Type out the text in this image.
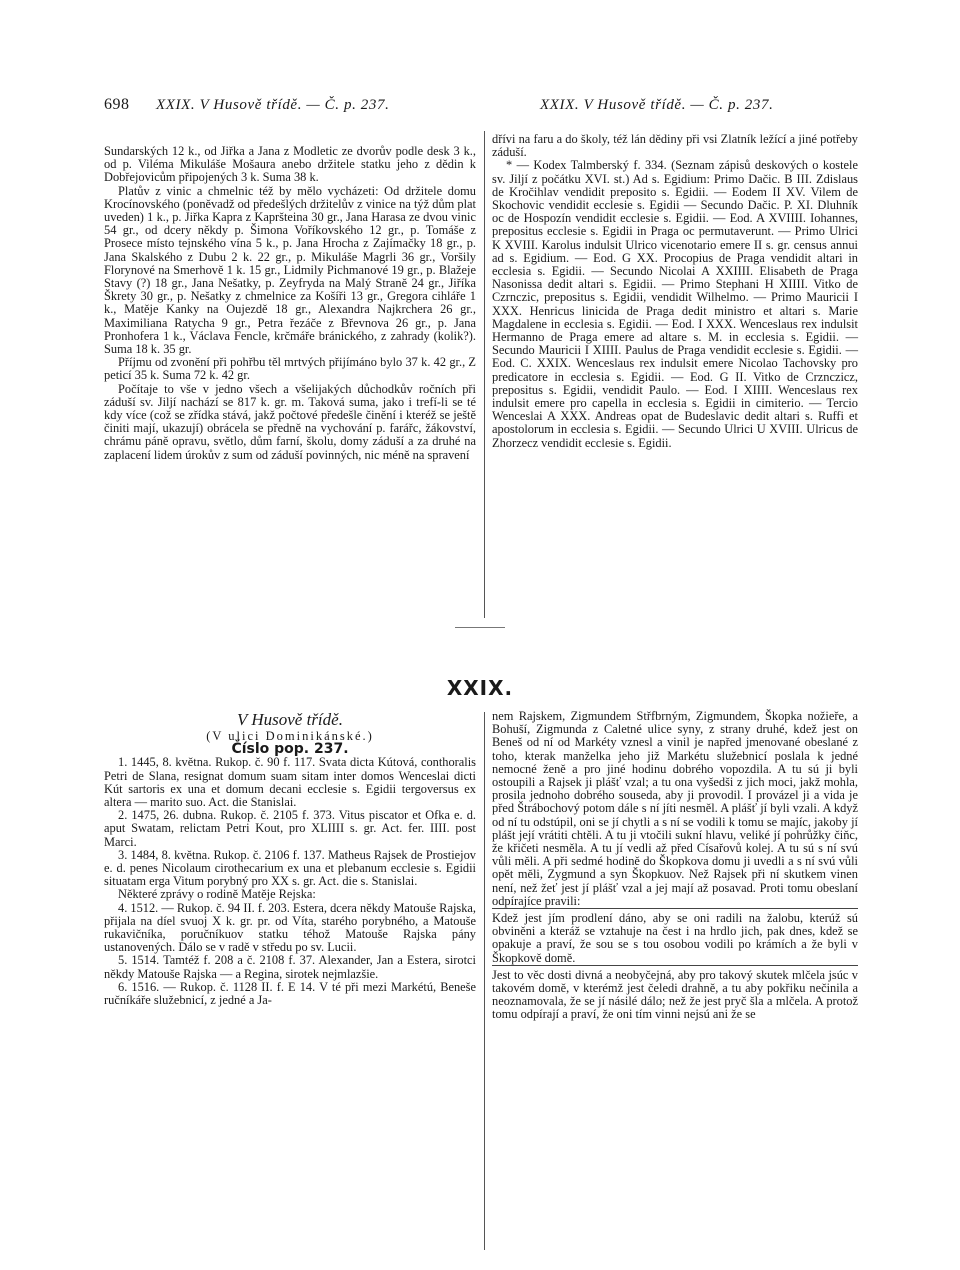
698 XXIX. V Husově třídě. — Č. p. 237.	XXIX. V Husově třídě. — Č. p. 237.

Sundarských 12 k., od Jiřka a Jana z Modletic ze dvorův podle desk 3 k., od p. Viléma Mikuláše Mošaura anebo držitele statku jeho z dědin k Dobřejovicům připojených 3 k. Suma 38 k.

Platův z vinic a chmelnic též by mělo vycházeti: Od držitele domu Krocínovského (poněvadž od předešlých držitelův z vinice na týž dům plat uveden) 1 k., p. Jiřka Kapra z Kapršteina 30 gr., Jana Harasa ze dvou vinic 54 gr., od dcery někdy p. Šimona Voříkovského 12 gr., p. Tomáše z Prosece místo tejnského vína 5 k., p. Jana Hrocha z Zajímačky 18 gr., p. Jana Skalského z Dubu 2 k. 22 gr., p. Mikuláše Magrli 36 gr., Voršily Florynové na Smerhově 1 k. 15 gr., Lidmily Pichmanové 19 gr., p. Blažeje Stavy (?) 18 gr., Jana Nešatky, p. Zeyfryda na Malý Straně 24 gr., Jiříka Škrety 30 gr., p. Nešatky z chmelnice za Košíři 13 gr., Gregora cihláře 1 k., Matěje Kanky na Oujezdě 18 gr., Alexandra Najkrchera 26 gr., Maximiliana Ratycha 9 gr., Petra řezáče z Břevnova 26 gr., p. Jana Pronhofera 1 k., Václava Fencle, krčmáře bránického, z zahrady (kolik?). Suma 18 k. 35 gr.

Příjmu od zvonění při pohřbu těl mrtvých přijímáno bylo 37 k. 42 gr., Z peticí 35 k. Suma 72 k. 42 gr.

Počítaje to vše v jedno všech a všelijakých důchodkův ročních při záduší sv. Jiljí nachází se 817 k. gr. m. Taková suma, jako i trefí-li se té kdy více (což se zřídka stává, jakž počtové předešle činění i kteréž se ještě činiti mají, ukazují) obrácela se předně na vychování p. farářc, žákovství, chrámu páně opravu, světlo, dům farní, školu, domy záduší a za druhé na zaplacení lidem úrokův z sum od záduší povinných, nic méně na spravení

dřívi na faru a do školy, též lán dědiny při vsi Zlatník ležící a jiné potřeby záduší.

* — Kodex Talmberský f. 334. (Seznam zápisů deskových o kostele sv. Jiljí z počátku XVI. st.) Ad s. Egidium: Primo Dačic. B III. Zdislaus de Kročihlav vendidit preposito s. Egidii. — Eodem II XV. Vilem de Skochovic vendidit ecclesie s. Egidii — Secundo Dačic. P. XI. Dluhník oc de Hospozín vendidit ecclesie s. Egidii. — Eod. A XVIIII. Iohannes, prepositus ecclesie s. Egidii in Praga oc permutaverunt. — Primo Ulrici K XVIII. Karolus indulsit Ulrico vicenotario emere II s. gr. census annui ad s. Egidium. — Eod. G XX. Procopius de Praga vendidit altari in ecclesia s. Egidii. — Secundo Nicolai A XXIIII. Elisabeth de Praga Nasonissa dedit altari s. Egidii. — Primo Stephani H XIIII. Vitko de Czrnczic, prepositus s. Egidii, vendidit Wilhelmo. — Primo Mauricii I XXX. Henricus linicida de Praga dedit ministro et altari s. Marie Magdalene in ecclesia s. Egidii. — Eod. I XXX. Wenceslaus rex indulsit Hermanno de Praga emere ad altare s. M. in ecclesia s. Egidii. — Secundo Mauricii I XIIII. Paulus de Praga vendidit ecclesie s. Egidii. — Eod. C. XXIX. Wenceslaus rex indulsit emere Nicolao Tachovsky pro predicatore in ecclesia s. Egidii. — Eod. G II. Vitko de Crznczicz, prepositus s. Egidii, vendidit Paulo. — Eod. I XIIII. Wenceslaus rex indulsit emere pro capella in ecclesia s. Egidii in cimiterio. — Tercio Wenceslai A XXX. Andreas opat de Budeslavic dedit altari s. Ruffi et apostolorum in ecclesia s. Egidii. — Secundo Ulrici U XVIII. Ulricus de Zhorzecz vendidit ecclesie s. Egidii.

XXIX.

V Husově třídě.

(V ulici Dominikánské.)

Číslo pop. 237.

1. 1445, 8. května. Rukop. č. 90 f. 117. Svata dicta Kútová, conthoralis Petri de Slana, resignat domum suam sitam inter domos Wenceslai dicti Kút sartoris ex una et domum decani ecclesie s. Egidii tergoversus ex altera — marito suo. Act. die Stanislai.

2. 1475, 26. dubna. Rukop. č. 2105 f. 373. Vitus piscator et Ofka e. d. aput Swatam, relictam Petri Kout, pro XLIIII s. gr. Act. fer. IIII. post Marci.

3. 1484, 8. května. Rukop. č. 2106 f. 137. Matheus Rajsek de Prostiejov e. d. penes Nicolaum cirothecarium ex una et plebanum ecclesie s. Egidii situatam erga Vitum porybný pro XX s. gr. Act. die s. Stanislai.

Některé zprávy o rodině Matěje Rejska:

4. 1512. — Rukop. č. 94 II. f. 203. Estera, dcera někdy Matouše Rajska, přijala na díel svuoj X k. gr. pr. od Víta, starého porybného, a Matouše rukavičníka, poručníkuov statku téhož Matouše Rajska pány ustanovených. Dálo se v radě v středu po sv. Lucii.

5. 1514. Tamtéž f. 208 a č. 2108 f. 37. Alexander, Jan a Estera, sirotci někdy Matouše Rajska — a Regina, sirotek nejmlazšie.

6. 1516. — Rukop. č. 1128 II. f. E 14. V té při mezi Markétú, Beneše ručníkáře služebnicí, z jedné a Ja-

nem Rajskem, Zigmundem Střfbrným, Zigmundem, Škopka nožieře, a Bohuší, Zigmunda z Caletné ulice syny, z strany druhé, kdež jest on Beneš od ní od Markéty vznesl a vinil je napřed jmenované obeslané z toho, kterak manželka jeho již Markétu služebnicí poslala k jedné nemocné ženě a pro jiné hodinu dobrého vopozdila. A tu sú ji byli ostoupili a Rajsek ji plášť vzal; a tu ona vyšedši z jich moci, jakž mohla, prosila jednoho dobrého souseda, aby ji provodil. I provázel ji a vida je před Štrábochový potom dále s ní jíti nesměl. A plášť jí byli vzali. A když od ní tu odstúpil, oni se jí chytli a s ní se vodili k tomu se majíc, jakoby jí plášt její vrátiti chtěli. A tu ji vtočili sukní hlavu, veliké jí pohrůžky čiňc, že křičeti nesměla. A tu jí vedli až před Císařovů kolej. A tu sú s ní svú vůli měli. A při sedmé hodině do Škopkova domu ji uvedli a s ní svú vůli opět měli, Zygmund a syn Škopkuov. Než Rajsek při ní skutkem vinen není, než žeť jest jí plášť vzal a jej mají až posavad. Proti tomu obeslaní odpírajíce pravili:

Kdež jest jím prodlení dáno, aby se oni radili na žalobu, kterúž sú obviněni a kteráž se vztahuje na čest i na hrdlo jich, pak dnes, kdež se opakuje a praví, že sou se s tou osobou vodili po krámích a že byli v Škopkově domě.

Jest to věc dosti divná a neobyčejná, aby pro takový skutek mlčela jsúc v takovém domě, v kterémž jest čeledi drahně, a tu aby pokřiku nečinila a neoznamovala, že se jí násilé dálo; než že jest pryč šla a mlčela. A protož tomu odpírají a praví, že oni tím vinni nejsú ani že se
